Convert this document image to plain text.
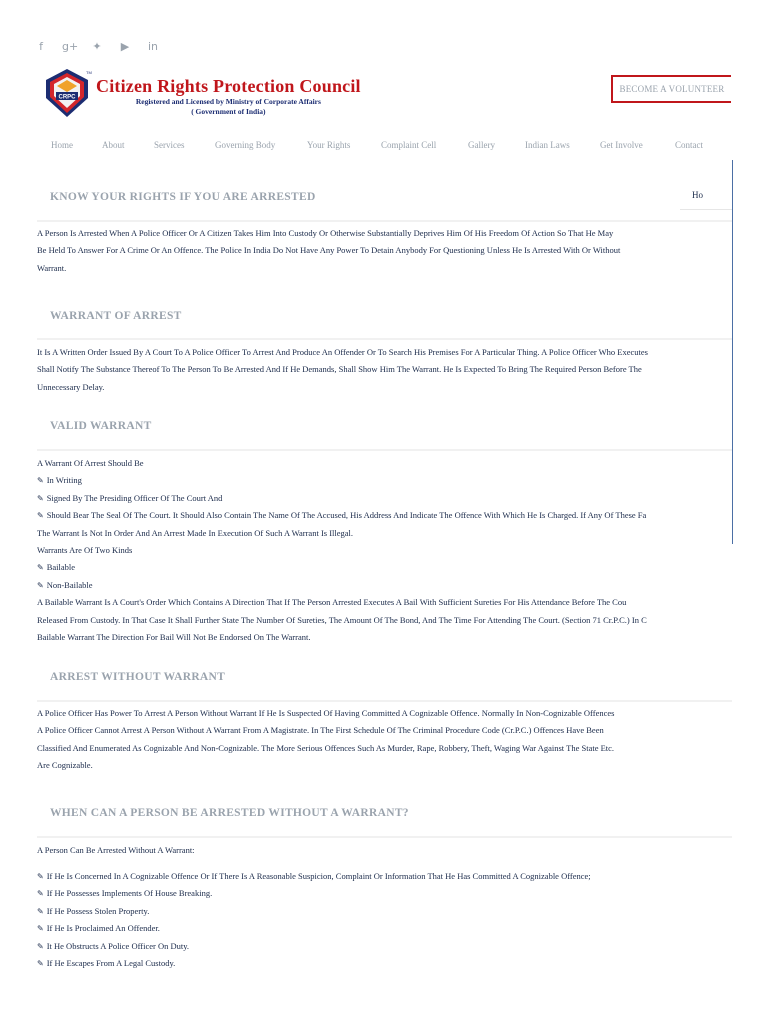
f	g+ ✦ ▶ in
CRPC
TM
Citizen Rights Protection Council
Registered and Licensed by Ministry of Corporate Affairs
( Government of India)
BECOME A VOLUNTEER
Home	About	Services	Governing Body	Your Rights	Complaint Cell	Gallery	Indian Laws	Get Involve	Contact
Ho
KNOW YOUR RIGHTS IF YOU ARE ARRESTED
A Person Is Arrested When A Police Officer Or A Citizen Takes Him Into Custody Or Otherwise Substantially Deprives Him Of His Freedom Of Action So That He May
Be Held To Answer For A Crime Or An Offence. The Police In India Do Not Have Any Power To Detain Anybody For Questioning Unless He Is Arrested With Or Without
Warrant.
WARRANT OF ARREST
It Is A Written Order Issued By A Court To A Police Officer To Arrest And Produce An Offender Or To Search His Premises For A Particular Thing. A Police Officer Who Executes
Shall Notify The Substance Thereof To The Person To Be Arrested And If He Demands, Shall Show Him The Warrant. He Is Expected To Bring The Required Person Before The
Unnecessary Delay.
VALID WARRANT
A Warrant Of Arrest Should Be
✎ In Writing
✎ Signed By The Presiding Officer Of The Court And
✎ Should Bear The Seal Of The Court. It Should Also Contain The Name Of The Accused, His Address And Indicate The Offence With Which He Is Charged. If Any Of These Fa
The Warrant Is Not In Order And An Arrest Made In Execution Of Such A Warrant Is Illegal.
Warrants Are Of Two Kinds
✎ Bailable
✎ Non-Bailable
A Bailable Warrant Is A Court's Order Which Contains A Direction That If The Person Arrested Executes A Bail With Sufficient Sureties For His Attendance Before The Cou
Released From Custody. In That Case It Shall Further State The Number Of Sureties, The Amount Of The Bond, And The Time For Attending The Court. (Section 71 Cr.P.C.) In C
Bailable Warrant The Direction For Bail Will Not Be Endorsed On The Warrant.
ARREST WITHOUT WARRANT
A Police Officer Has Power To Arrest A Person Without Warrant If He Is Suspected Of Having Committed A Cognizable Offence. Normally In Non-Cognizable Offences
A Police Officer Cannot Arrest A Person Without A Warrant From A Magistrate. In The First Schedule Of The Criminal Procedure Code (Cr.P.C.) Offences Have Been
Classified And Enumerated As Cognizable And Non-Cognizable. The More Serious Offences Such As Murder, Rape, Robbery, Theft, Waging War Against The State Etc.
Are Cognizable.
WHEN CAN A PERSON BE ARRESTED WITHOUT A WARRANT?
A Person Can Be Arrested Without A Warrant:
✎ If He Is Concerned In A Cognizable Offence Or If There Is A Reasonable Suspicion, Complaint Or Information That He Has Committed A Cognizable Offence;
✎ If He Possesses Implements Of House Breaking.
✎ If He Possess Stolen Property.
✎ If He Is Proclaimed An Offender.
✎ It He Obstructs A Police Officer On Duty.
✎ If He Escapes From A Legal Custody.
